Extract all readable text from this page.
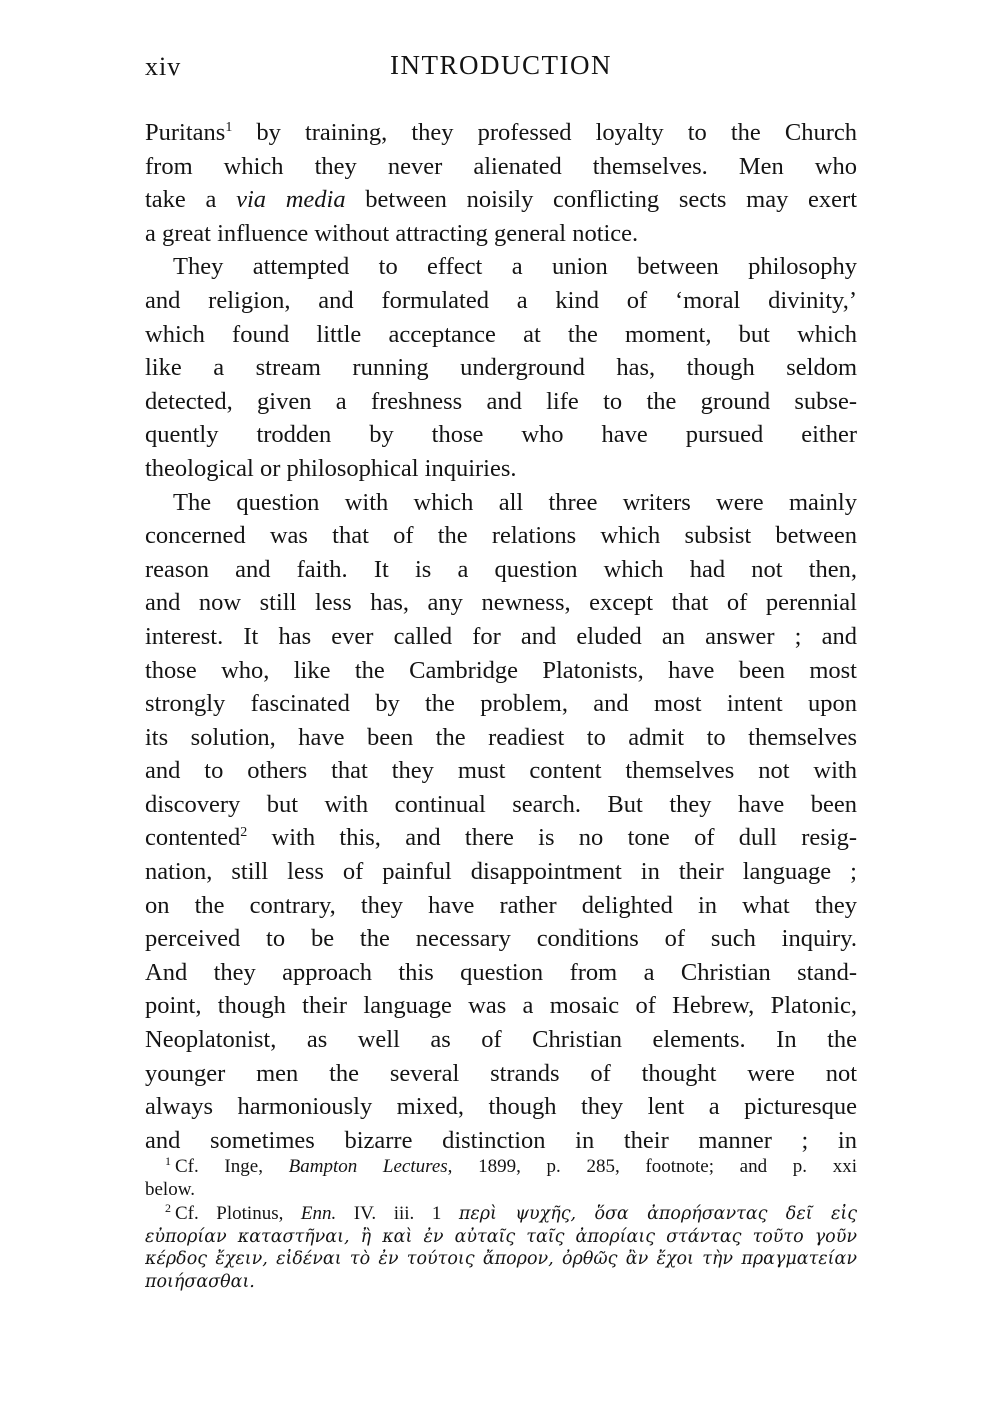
xiv	INTRODUCTION
Puritans$^1$ by training, they professed loyalty to the Church
from which they never alienated themselves. Men who
take a via media between noisily conflicting sects may exert
a great influence without attracting general notice.
They attempted to effect a union between philosophy
and religion, and formulated a kind of ‘moral divinity,’
which found little acceptance at the moment, but which
like a stream running underground has, though seldom
detected, given a freshness and life to the ground subse-
quently trodden by those who have pursued either
theological or philosophical inquiries.
The question with which all three writers were mainly
concerned was that of the relations which subsist between
reason and faith. It is a question which had not then,
and now still less has, any newness, except that of perennial
interest. It has ever called for and eluded an answer ; and
those who, like the Cambridge Platonists, have been most
strongly fascinated by the problem, and most intent upon
its solution, have been the readiest to admit to themselves
and to others that they must content themselves not with
discovery but with continual search. But they have been
contented$^2$ with this, and there is no tone of dull resig-
nation, still less of painful disappointment in their language ;
on the contrary, they have rather delighted in what they
perceived to be the necessary conditions of such inquiry.
And they approach this question from a Christian stand-
point, though their language was a mosaic of Hebrew, Platonic,
Neoplatonist, as well as of Christian elements. In the
younger men the several strands of thought were not
always harmoniously mixed, though they lent a picturesque
and sometimes bizarre distinction in their manner ; in
$^1$ Cf. Inge, Bampton Lectures, 1899, p. 285, footnote; and p. xxi
below.
$^2$ Cf. Plotinus, Enn. IV. iii. 1 περὶ ψυχῆς, ὅσα ἀπορήσαντας δεῖ εἰς
εὐπορίαν καταστῆναι, ἢ καὶ ἐν αὐταῖς ταῖς ἀπορίαις στάντας τοῦτο γοῦν
κέρδος ἔχειν, εἰδέναι τὸ ἐν τούτοις ἄπορον, ὀρθῶς ἂν ἔχοι τὴν πραγματείαν
ποιήσασθαι.
